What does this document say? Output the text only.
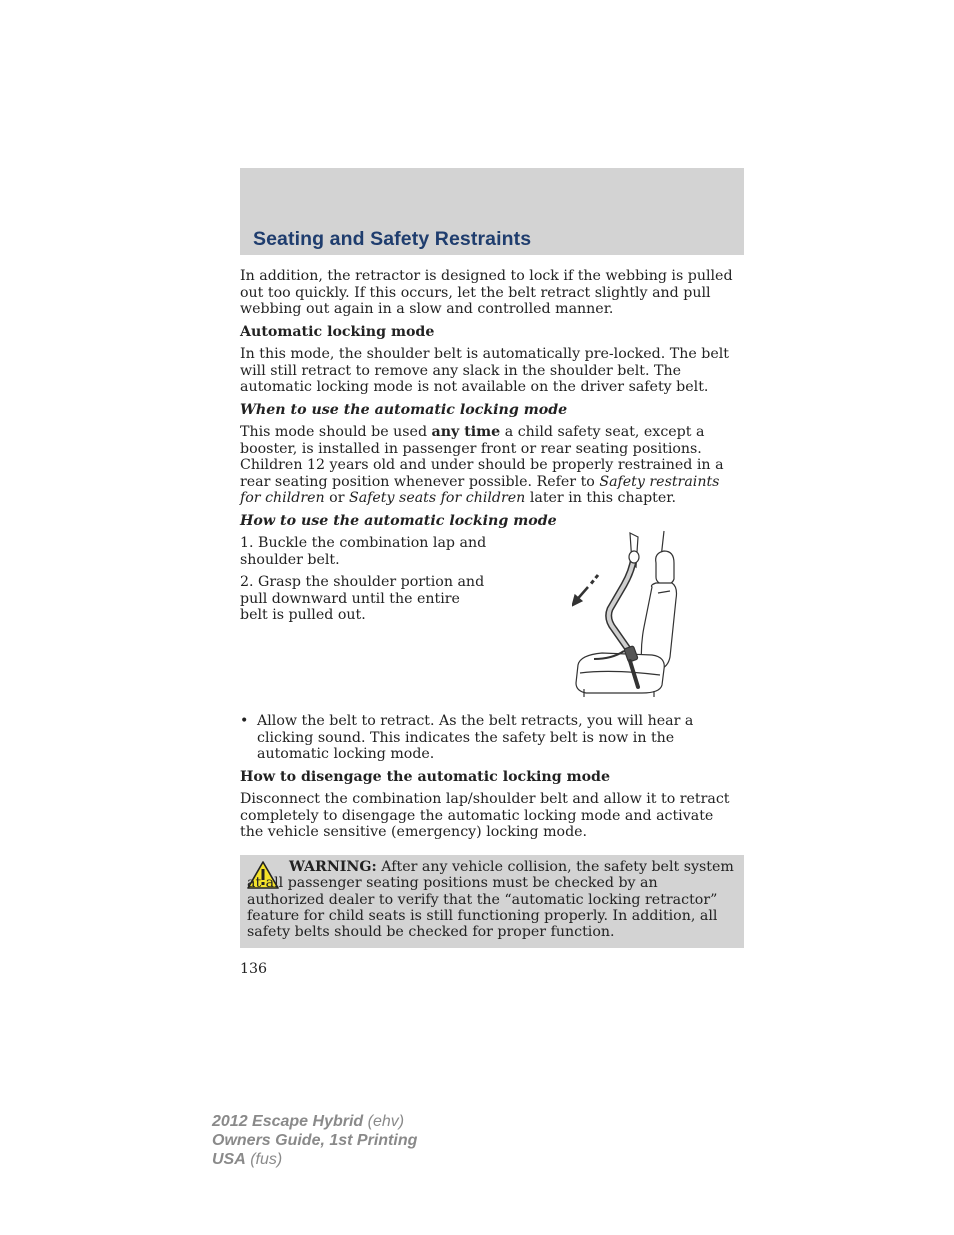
Seating and Safety Restraints

In addition, the retractor is designed to lock if the webbing is pulled out too quickly. If this occurs, let the belt retract slightly and pull webbing out again in a slow and controlled manner.

Automatic locking mode

In this mode, the shoulder belt is automatically pre-locked. The belt will still retract to remove any slack in the shoulder belt. The automatic locking mode is not available on the driver safety belt.

When to use the automatic locking mode

This mode should be used any time a child safety seat, except a booster, is installed in passenger front or rear seating positions. Children 12 years old and under should be properly restrained in a rear seating position whenever possible. Refer to Safety restraints for children or Safety seats for children later in this chapter.

How to use the automatic locking mode

1. Buckle the combination lap and shoulder belt.

2. Grasp the shoulder portion and pull downward until the entire belt is pulled out.

• Allow the belt to retract. As the belt retracts, you will hear a clicking sound. This indicates the safety belt is now in the automatic locking mode.

How to disengage the automatic locking mode

Disconnect the combination lap/shoulder belt and allow it to retract completely to disengage the automatic locking mode and activate the vehicle sensitive (emergency) locking mode.

WARNING: After any vehicle collision, the safety belt system at all passenger seating positions must be checked by an authorized dealer to verify that the “automatic locking retractor” feature for child seats is still functioning properly. In addition, all safety belts should be checked for proper function.
136
2012 Escape Hybrid (ehv)
Owners Guide, 1st Printing
USA (fus)
